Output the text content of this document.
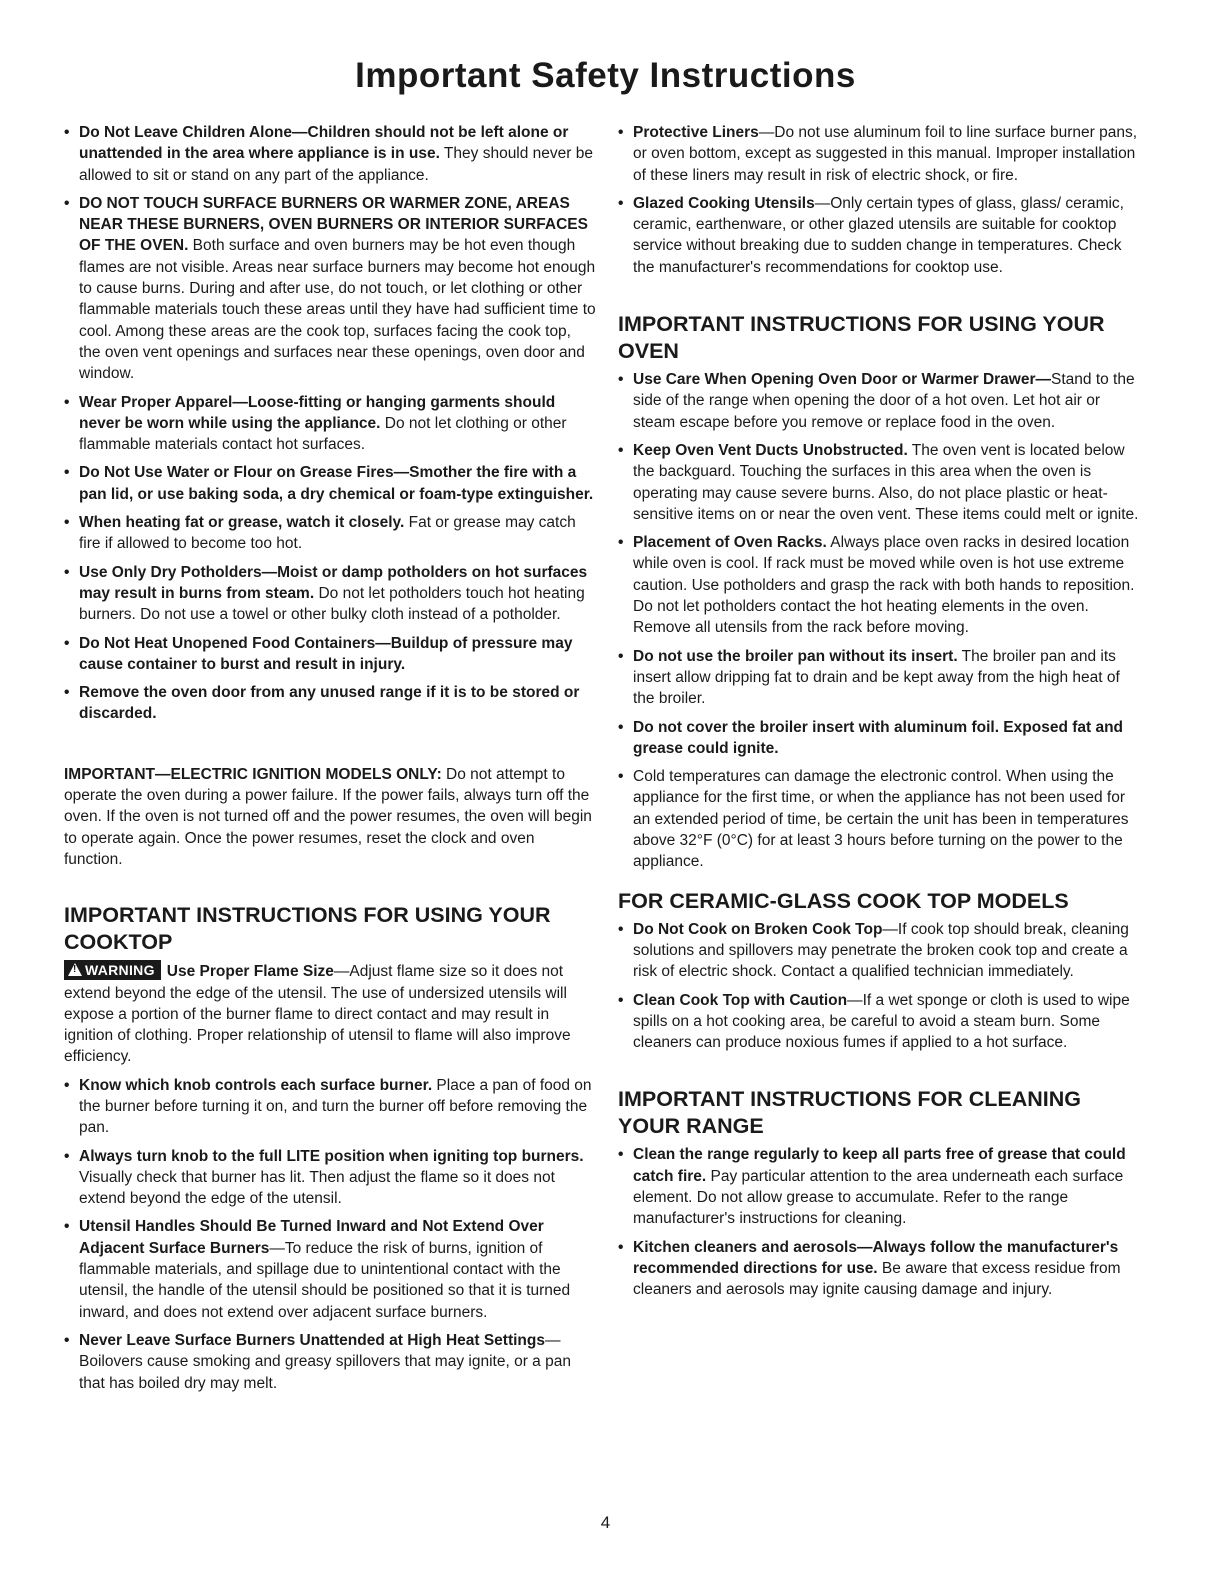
Important Safety Instructions

• Do Not Leave Children Alone—Children should not be left alone or unattended in the area where appliance is in use. They should never be allowed to sit or stand on any part of the appliance.

• DO NOT TOUCH SURFACE BURNERS OR WARMER ZONE, AREAS NEAR THESE BURNERS, OVEN BURNERS OR INTERIOR SURFACES OF THE OVEN. Both surface and oven burners may be hot even though flames are not visible. Areas near surface burners may become hot enough to cause burns. During and after use, do not touch, or let clothing or other flammable materials touch these areas until they have had sufficient time to cool. Among these areas are the cook top, surfaces facing the cook top, the oven vent openings and surfaces near these openings, oven door and window.

• Wear Proper Apparel—Loose-fitting or hanging garments should never be worn while using the appliance. Do not let clothing or other flammable materials contact hot surfaces.

• Do Not Use Water or Flour on Grease Fires—Smother the fire with a pan lid, or use baking soda, a dry chemical or foam-type extinguisher.

• When heating fat or grease, watch it closely. Fat or grease may catch fire if allowed to become too hot.

• Use Only Dry Potholders—Moist or damp potholders on hot surfaces may result in burns from steam. Do not let potholders touch hot heating burners. Do not use a towel or other bulky cloth instead of a potholder.

• Do Not Heat Unopened Food Containers—Buildup of pressure may cause container to burst and result in injury.

• Remove the oven door from any unused range if it is to be stored or discarded.

IMPORTANT—ELECTRIC IGNITION MODELS ONLY: Do not attempt to operate the oven during a power failure. If the power fails, always turn off the oven. If the oven is not turned off and the power resumes, the oven will begin to operate again. Once the power resumes, reset the clock and oven function.

IMPORTANT INSTRUCTIONS FOR USING YOUR COOKTOP

! WARNING Use Proper Flame Size—Adjust flame size so it does not extend beyond the edge of the utensil. The use of undersized utensils will expose a portion of the burner flame to direct contact and may result in ignition of clothing. Proper relationship of utensil to flame will also improve efficiency.

• Know which knob controls each surface burner. Place a pan of food on the burner before turning it on, and turn the burner off before removing the pan.

• Always turn knob to the full LITE position when igniting top burners. Visually check that burner has lit. Then adjust the flame so it does not extend beyond the edge of the utensil.

• Utensil Handles Should Be Turned Inward and Not Extend Over Adjacent Surface Burners—To reduce the risk of burns, ignition of flammable materials, and spillage due to unintentional contact with the utensil, the handle of the utensil should be positioned so that it is turned inward, and does not extend over adjacent surface burners.

• Never Leave Surface Burners Unattended at High Heat Settings—Boilovers cause smoking and greasy spillovers that may ignite, or a pan that has boiled dry may melt.

• Protective Liners—Do not use aluminum foil to line surface burner pans, or oven bottom, except as suggested in this manual. Improper installation of these liners may result in risk of electric shock, or fire.

• Glazed Cooking Utensils—Only certain types of glass, glass/ ceramic, ceramic, earthenware, or other glazed utensils are suitable for cooktop service without breaking due to sudden change in temperatures. Check the manufacturer's recommendations for cooktop use.

IMPORTANT INSTRUCTIONS FOR USING YOUR OVEN

• Use Care When Opening Oven Door or Warmer Drawer—Stand to the side of the range when opening the door of a hot oven. Let hot air or steam escape before you remove or replace food in the oven.

• Keep Oven Vent Ducts Unobstructed. The oven vent is located below the backguard. Touching the surfaces in this area when the oven is operating may cause severe burns. Also, do not place plastic or heat-sensitive items on or near the oven vent. These items could melt or ignite.

• Placement of Oven Racks. Always place oven racks in desired location while oven is cool. If rack must be moved while oven is hot use extreme caution. Use potholders and grasp the rack with both hands to reposition. Do not let potholders contact the hot heating elements in the oven. Remove all utensils from the rack before moving.

• Do not use the broiler pan without its insert. The broiler pan and its insert allow dripping fat to drain and be kept away from the high heat of the broiler.

• Do not cover the broiler insert with aluminum foil. Exposed fat and grease could ignite.

• Cold temperatures can damage the electronic control. When using the appliance for the first time, or when the appliance has not been used for an extended period of time, be certain the unit has been in temperatures above 32°F (0°C) for at least 3 hours before turning on the power to the appliance.

FOR CERAMIC-GLASS COOK TOP MODELS

• Do Not Cook on Broken Cook Top—If cook top should break, cleaning solutions and spillovers may penetrate the broken cook top and create a risk of electric shock. Contact a qualified technician immediately.

• Clean Cook Top with Caution—If a wet sponge or cloth is used to wipe spills on a hot cooking area, be careful to avoid a steam burn. Some cleaners can produce noxious fumes if applied to a hot surface.

IMPORTANT INSTRUCTIONS FOR CLEANING YOUR RANGE

• Clean the range regularly to keep all parts free of grease that could catch fire. Pay particular attention to the area underneath each surface element. Do not allow grease to accumulate. Refer to the range manufacturer's instructions for cleaning.

• Kitchen cleaners and aerosols—Always follow the manufacturer's recommended directions for use. Be aware that excess residue from cleaners and aerosols may ignite causing damage and injury.

4
